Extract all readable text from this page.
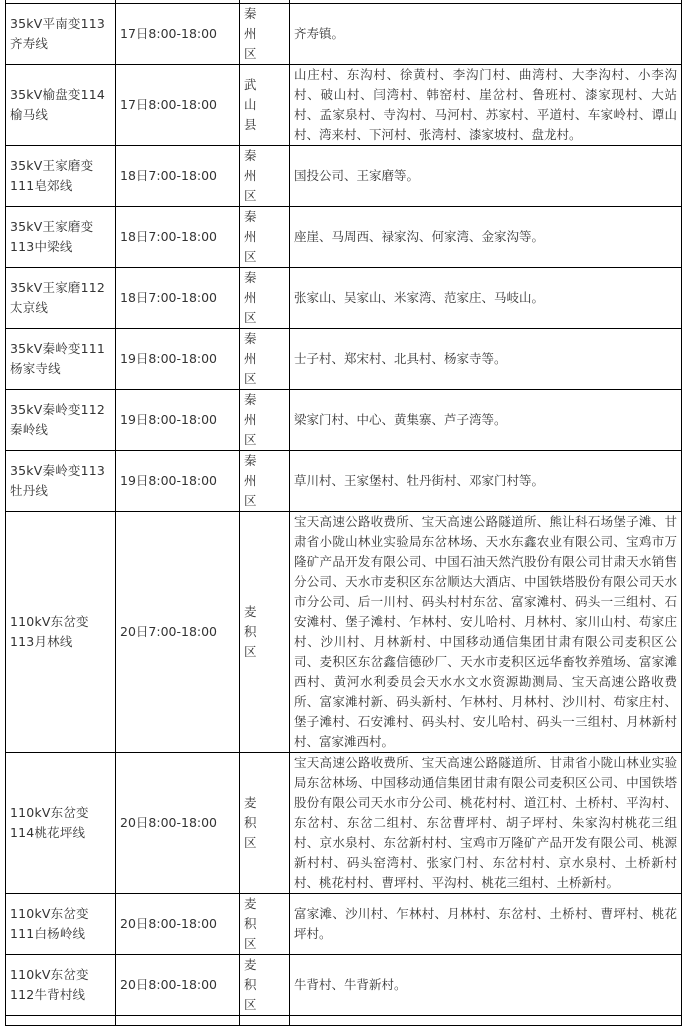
35kV平南变113齐寿线	17日8:00-18:00	秦州区	齐寿镇。
35kV榆盘变114榆马线	17日8:00-18:00	武山县	山庄村、东沟村、徐黄村、李沟门村、曲湾村、大李沟村、小李沟村、破山村、闫湾村、韩窑村、崖岔村、鲁班村、漆家现村、大站村、孟家泉村、寺沟村、马河村、苏家村、平道村、车家岭村、谭山村、湾来村、下河村、张湾村、漆家坡村、盘龙村。
35kV王家磨变111皂郊线	18日7:00-18:00	秦州区	国投公司、王家磨等。
35kV王家磨变113中梁线	18日7:00-18:00	秦州区	座崖、马周西、禄家沟、何家湾、金家沟等。
35kV王家磨112太京线	18日7:00-18:00	秦州区	张家山、吴家山、米家湾、范家庄、马岐山。
35kV秦岭变111杨家寺线	19日8:00-18:00	秦州区	士子村、郑宋村、北具村、杨家寺等。
35kV秦岭变112秦岭线	19日8:00-18:00	秦州区	梁家门村、中心、黄集寨、芦子湾等。
35kV秦岭变113牡丹线	19日8:00-18:00	秦州区	草川村、王家堡村、牡丹街村、邓家门村等。
110kV东岔变113月林线	20日7:00-18:00	麦积区	宝天高速公路收费所、宝天高速公路隧道所、熊让科石场堡子滩、甘肃省小陇山林业实验局东岔林场、天水东鑫农业有限公司、宝鸡市万隆矿产品开发有限公司、中国石油天然汽股份有限公司甘肃天水销售分公司、天水市麦积区东岔顺达大酒店、中国铁塔股份有限公司天水市分公司、后一川村、码头村村东岔、富家滩村、码头一三组村、石安滩村、堡子滩村、乍林村、安儿哈村、月林村、家川山村、苟家庄村、沙川村、月林新村、中国移动通信集团甘肃有限公司麦积区公司、麦积区东岔鑫信德砂厂、天水市麦积区远华畜牧养殖场、富家滩西村、黄河水利委员会天水水文水资源勘测局、宝天高速公路收费所、富家滩村新、码头新村、乍林村、月林村、沙川村、苟家庄村、堡子滩村、石安滩村、码头村、安儿哈村、码头一三组村、月林新村村、富家滩西村。
110kV东岔变114桃花坪线	20日8:00-18:00	麦积区	宝天高速公路收费所、宝天高速公路隧道所、甘肃省小陇山林业实验局东岔林场、中国移动通信集团甘肃有限公司麦积区公司、中国铁塔股份有限公司天水市分公司、桃花村村、道江村、土桥村、平沟村、东岔村、东岔二组村、东岔曹坪村、胡子坪村、朱家沟村桃花三组村、京水泉村、东岔新村村、宝鸡市万隆矿产品开发有限公司、桃源新村村、码头窑湾村、张家门村、东岔村村、京水泉村、土桥新村村、桃花村村、曹坪村、平沟村、桃花三组村、土桥新村。
110kV东岔变111白杨岭线	20日8:00-18:00	麦积区	富家滩、沙川村、乍林村、月林村、东岔村、土桥村、曹坪村、桃花坪村。
110kV东岔变112牛背村线	20日8:00-18:00	麦积区	牛背村、牛背新村。
